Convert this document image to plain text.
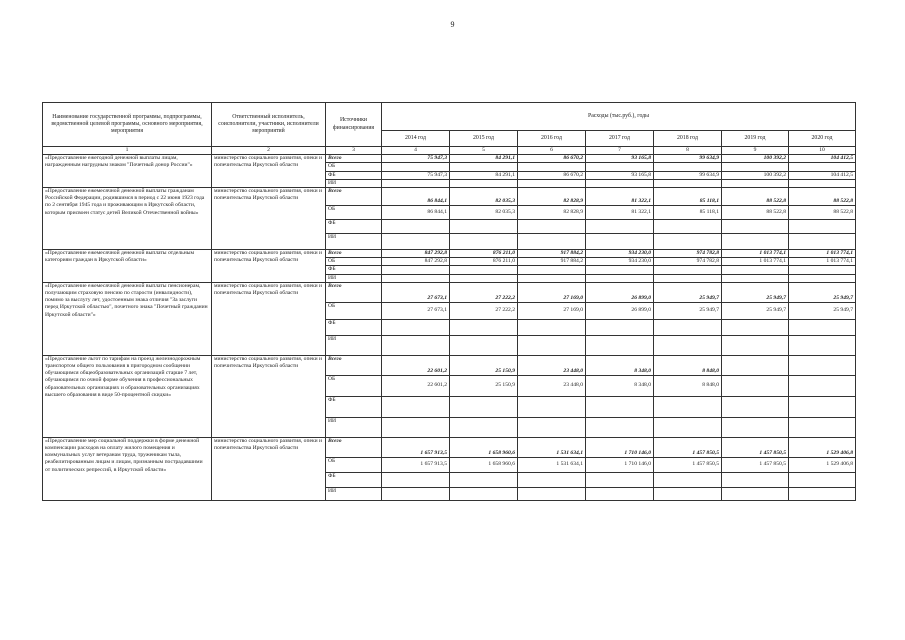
9
Наименование государственной программы, подпрограммы, ведомственной целевой программы, основного мероприятия, мероприятия	Ответственный исполнитель, соисполнители, участники, исполнители мероприятий	Источники финансирования	Расходы (тыс.руб.), годы						
			2014 год	2015 год	2016 год	2017 год	2018 год	2019 год	2020 год
1	2	3	4	5	6	7	8	9	10
«Предоставление ежегодной денежной выплаты лицам, награжденным нагрудным знаком "Почетный донор России"»	министерство социального развития, опеки и попечительства Иркутской области	Всего	75 947,3	84 291,1	86 670,2	93 165,8	99 634,9	100 392,2	104 412,5
		ОБ							
		ФБ	75 947,3	84 291,1	86 670,2	93 165,8	99 634,9	100 392,2	104 412,5
		ИИ							
«Предоставление ежемесячной денежной выплаты гражданам Российской Федерации, родившимся в период с 22 июня 1923 года по 2 сентября 1945 года и проживающим в Иркутской области, которым присвоен статус детей Великой Отечественной войны»	министерство социального развития, опеки и попечительства Иркутской области	Всего	86 844,1	82 035,3	82 828,9	81 322,1	85 118,1	88 522,8	88 522,8
		ОБ	86 844,1	82 035,3	82 828,9	81 322,1	85 118,1	88 522,8	88 522,8
		ФБ							
		ИИ							
«Предоставление ежемесячной денежной выплаты отдельным категориям граждан в Иркутской области»	министерство социального развития, опеки и попечительства Иркутской области	Всего	847 292,8	876 211,0	917 884,2	934 230,0	974 782,8	1 013 774,1	1 013 774,1
		ОБ	847 292,8	876 211,0	917 884,2	934 230,0	974 782,8	1 013 774,1	1 013 774,1
		ФБ							
		ИИ							
«Предоставление ежемесячной денежной выплаты пенсионерам, получающим страховую пенсию по старости (инвалидности), помимо за выслугу лет, удостоенным знака отличия "За заслуги перед Иркутской областью", почетного знака "Почетный гражданин Иркутской области"»	министерство социального развития, опеки и попечительства Иркутской области	Всего	27 673,1	27 222,2	27 169,0	26 899,0	25 949,7	25 949,7	25 949,7
		ОБ	27 673,1	27 222,2	27 169,0	26 899,0	25 949,7	25 949,7	25 949,7
		ФБ							
		ИИ							
«Предоставление льгот по тарифам на проезд железнодорожным транспортом общего пользования в пригородном сообщении обучающимся общеобразовательных организаций старше 7 лет, обучающимся по очной форме обучения в профессиональных образовательных организациях и образовательных организациях высшего образования в виде 50-процентной скидки»	министерство социального развития, опеки и попечительства Иркутской области	Всего	22 601,2	25 150,9	23 448,0	8 348,0	8 848,0		
		ОБ	22 601,2	25 150,9	23 448,0	8 348,0	8 848,0		
		ФБ							
		ИИ							
«Предоставление мер социальной поддержки в форме денежной компенсации расходов на оплату жилого помещения и коммунальных услуг ветеранам труда, труженикам тыла, реабилитированным лицам и лицам, признанным пострадавшими от политических репрессий, в Иркутской области»	министерство социального развития, опеки и попечительства Иркутской области	Всего	1 657 913,5	1 658 960,6	1 531 634,1	1 710 146,0	1 457 850,5	1 457 850,5	1 529 406,8
		ОБ	1 657 913,5	1 658 960,6	1 531 634,1	1 710 146,0	1 457 850,5	1 457 850,5	1 529 406,8
		ФБ							
		ИИ							
